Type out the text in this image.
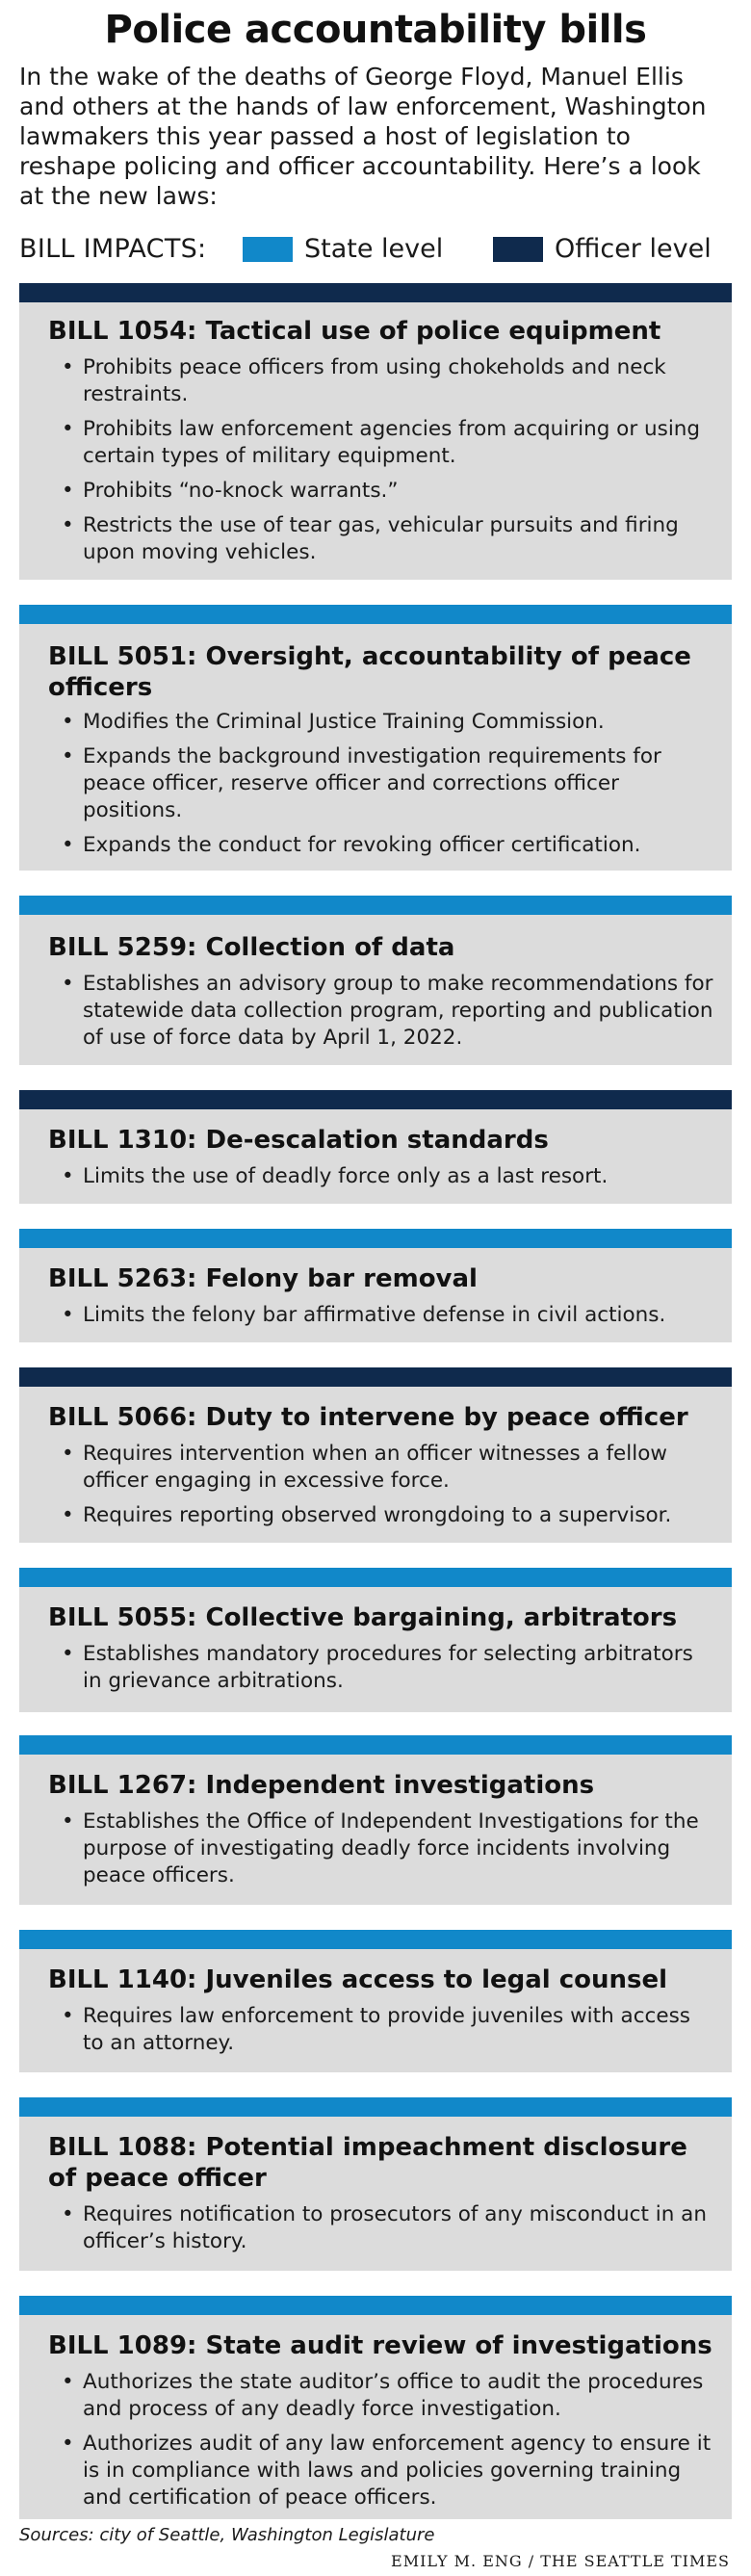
Police accountability bills
In the wake of the deaths of George Floyd, Manuel Ellis and others at the hands of law enforcement, Washington lawmakers this year passed a host of legislation to reshape policing and officer accountability. Here’s a look at the new laws:
BILL IMPACTS:	State level	Officer level
BILL 1054: Tactical use of police equipment
• Prohibits peace officers from using chokeholds and neck restraints.
• Prohibits law enforcement agencies from acquiring or using certain types of military equipment.
• Prohibits “no-knock warrants.”
• Restricts the use of tear gas, vehicular pursuits and firing upon moving vehicles.
BILL 5051: Oversight, accountability of peace officers
• Modifies the Criminal Justice Training Commission.
• Expands the background investigation requirements for peace officer, reserve officer and corrections officer positions.
• Expands the conduct for revoking officer certification.
BILL 5259: Collection of data
• Establishes an advisory group to make recommendations for statewide data collection program, reporting and publication of use of force data by April 1, 2022.
BILL 1310: De-escalation standards
• Limits the use of deadly force only as a last resort.
BILL 5263: Felony bar removal
• Limits the felony bar affirmative defense in civil actions.
BILL 5066: Duty to intervene by peace officer
• Requires intervention when an officer witnesses a fellow officer engaging in excessive force.
• Requires reporting observed wrongdoing to a supervisor.
BILL 5055: Collective bargaining, arbitrators
• Establishes mandatory procedures for selecting arbitrators in grievance arbitrations.
BILL 1267: Independent investigations
• Establishes the Office of Independent Investigations for the purpose of investigating deadly force incidents involving peace officers.
BILL 1140: Juveniles access to legal counsel
• Requires law enforcement to provide juveniles with access to an attorney.
BILL 1088: Potential impeachment disclosure of peace officer
• Requires notification to prosecutors of any misconduct in an officer’s history.
BILL 1089: State audit review of investigations
• Authorizes the state auditor’s office to audit the procedures and process of any deadly force investigation.
• Authorizes audit of any law enforcement agency to ensure it is in compliance with laws and policies governing training and certification of peace officers.
Sources: city of Seattle, Washington Legislature
EMILY M. ENG / THE SEATTLE TIMES
